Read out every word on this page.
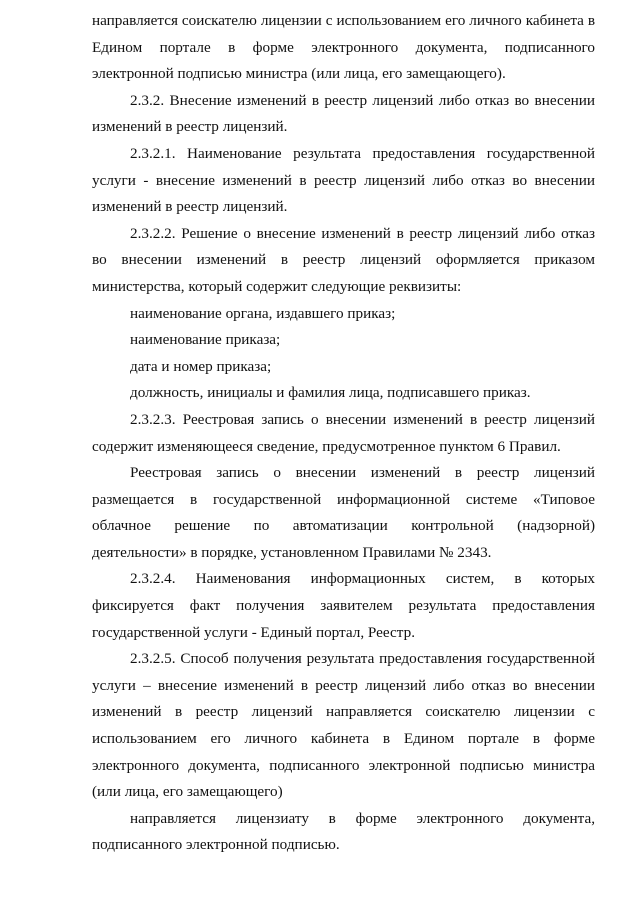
направляется соискателю лицензии с использованием его личного кабинета в Едином портале в форме электронного документа, подписанного электронной подписью министра (или лица, его замещающего).

2.3.2. Внесение изменений в реестр лицензий либо отказ во внесении изменений в реестр лицензий.

2.3.2.1. Наименование результата предоставления государственной услуги - внесение изменений в реестр лицензий либо отказ во внесении изменений в реестр лицензий.

2.3.2.2. Решение о внесение изменений в реестр лицензий либо отказ во внесении изменений в реестр лицензий оформляется приказом министерства, который содержит следующие реквизиты:

наименование органа, издавшего приказ;

наименование приказа;

дата и номер приказа;

должность, инициалы и фамилия лица, подписавшего приказ.

2.3.2.3. Реестровая запись о внесении изменений в реестр лицензий содержит изменяющееся сведение, предусмотренное пунктом 6 Правил.

Реестровая запись о внесении изменений в реестр лицензий размещается в государственной информационной системе «Типовое облачное решение по автоматизации контрольной (надзорной) деятельности» в порядке, установленном Правилами № 2343.

2.3.2.4. Наименования информационных систем, в которых фиксируется факт получения заявителем результата предоставления государственной услуги - Единый портал, Реестр.

2.3.2.5. Способ получения результата предоставления государственной услуги – внесение изменений в реестр лицензий либо отказ во внесении изменений в реестр лицензий направляется соискателю лицензии с использованием его личного кабинета в Едином портале в форме электронного документа, подписанного электронной подписью министра (или лица, его замещающего)

направляется лицензиату в форме электронного документа, подписанного электронной подписью.
